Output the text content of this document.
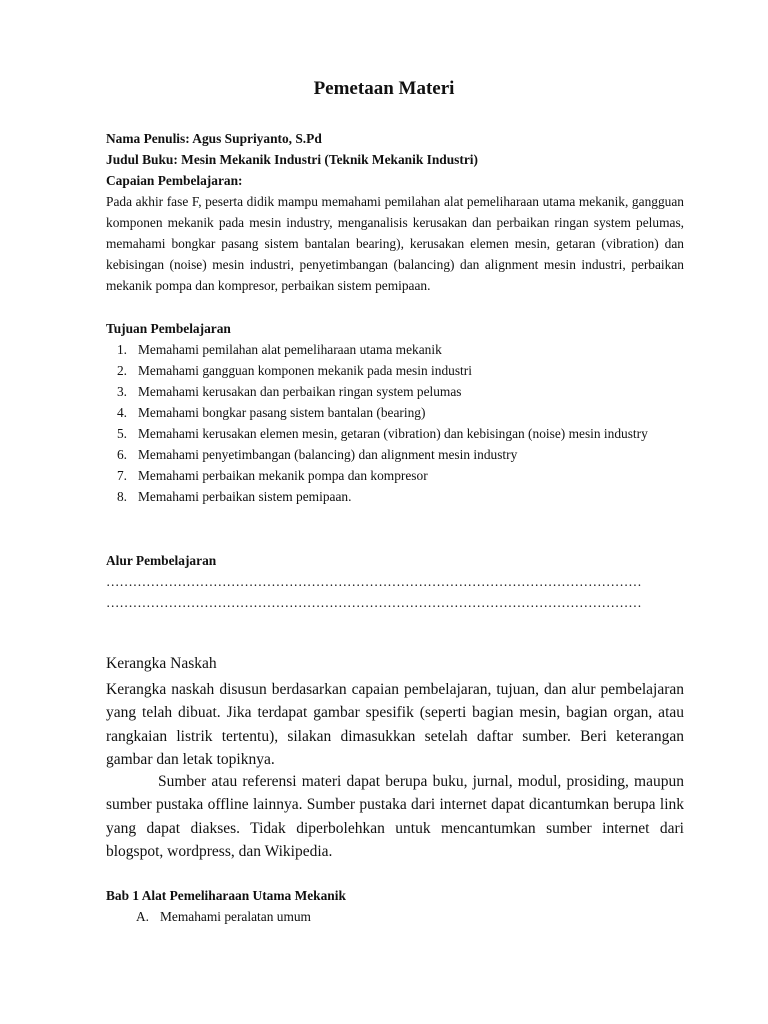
Pemetaan Materi
Nama Penulis: Agus Supriyanto, S.Pd
Judul Buku: Mesin Mekanik Industri (Teknik Mekanik Industri)
Capaian Pembelajaran:

Pada akhir fase F, peserta didik mampu memahami pemilahan alat pemeliharaan utama mekanik, gangguan komponen mekanik pada mesin industry, menganalisis kerusakan dan perbaikan ringan system pelumas, memahami bongkar pasang sistem bantalan bearing), kerusakan elemen mesin, getaran (vibration) dan kebisingan (noise) mesin industri, penyetimbangan (balancing) dan alignment mesin industri, perbaikan mekanik pompa dan kompresor, perbaikan sistem pemipaan.

Tujuan Pembelajaran
1. Memahami pemilahan alat pemeliharaan utama mekanik
2. Memahami gangguan komponen mekanik pada mesin industri
3. Memahami kerusakan dan perbaikan ringan system pelumas
4. Memahami bongkar pasang sistem bantalan (bearing)
5. Memahami kerusakan elemen mesin, getaran (vibration) dan kebisingan (noise) mesin industry
6. Memahami penyetimbangan (balancing) dan alignment mesin industry
7. Memahami perbaikan mekanik pompa dan kompresor
8. Memahami perbaikan sistem pemipaan.
Alur Pembelajaran
…………………………………………………………………………………………………………
…………………………………………………………………………………………………………
Kerangka Naskah

Kerangka naskah disusun berdasarkan capaian pembelajaran, tujuan, dan alur pembelajaran yang telah dibuat. Jika terdapat gambar spesifik (seperti bagian mesin, bagian organ, atau rangkaian listrik tertentu), silakan dimasukkan setelah daftar sumber. Beri keterangan gambar dan letak topiknya.

Sumber atau referensi materi dapat berupa buku, jurnal, modul, prosiding, maupun sumber pustaka offline lainnya. Sumber pustaka dari internet dapat dicantumkan berupa link yang dapat diakses. Tidak diperbolehkan untuk mencantumkan sumber internet dari blogspot, wordpress, dan Wikipedia.

Bab 1 Alat Pemeliharaan Utama Mekanik
A. Memahami peralatan umum
